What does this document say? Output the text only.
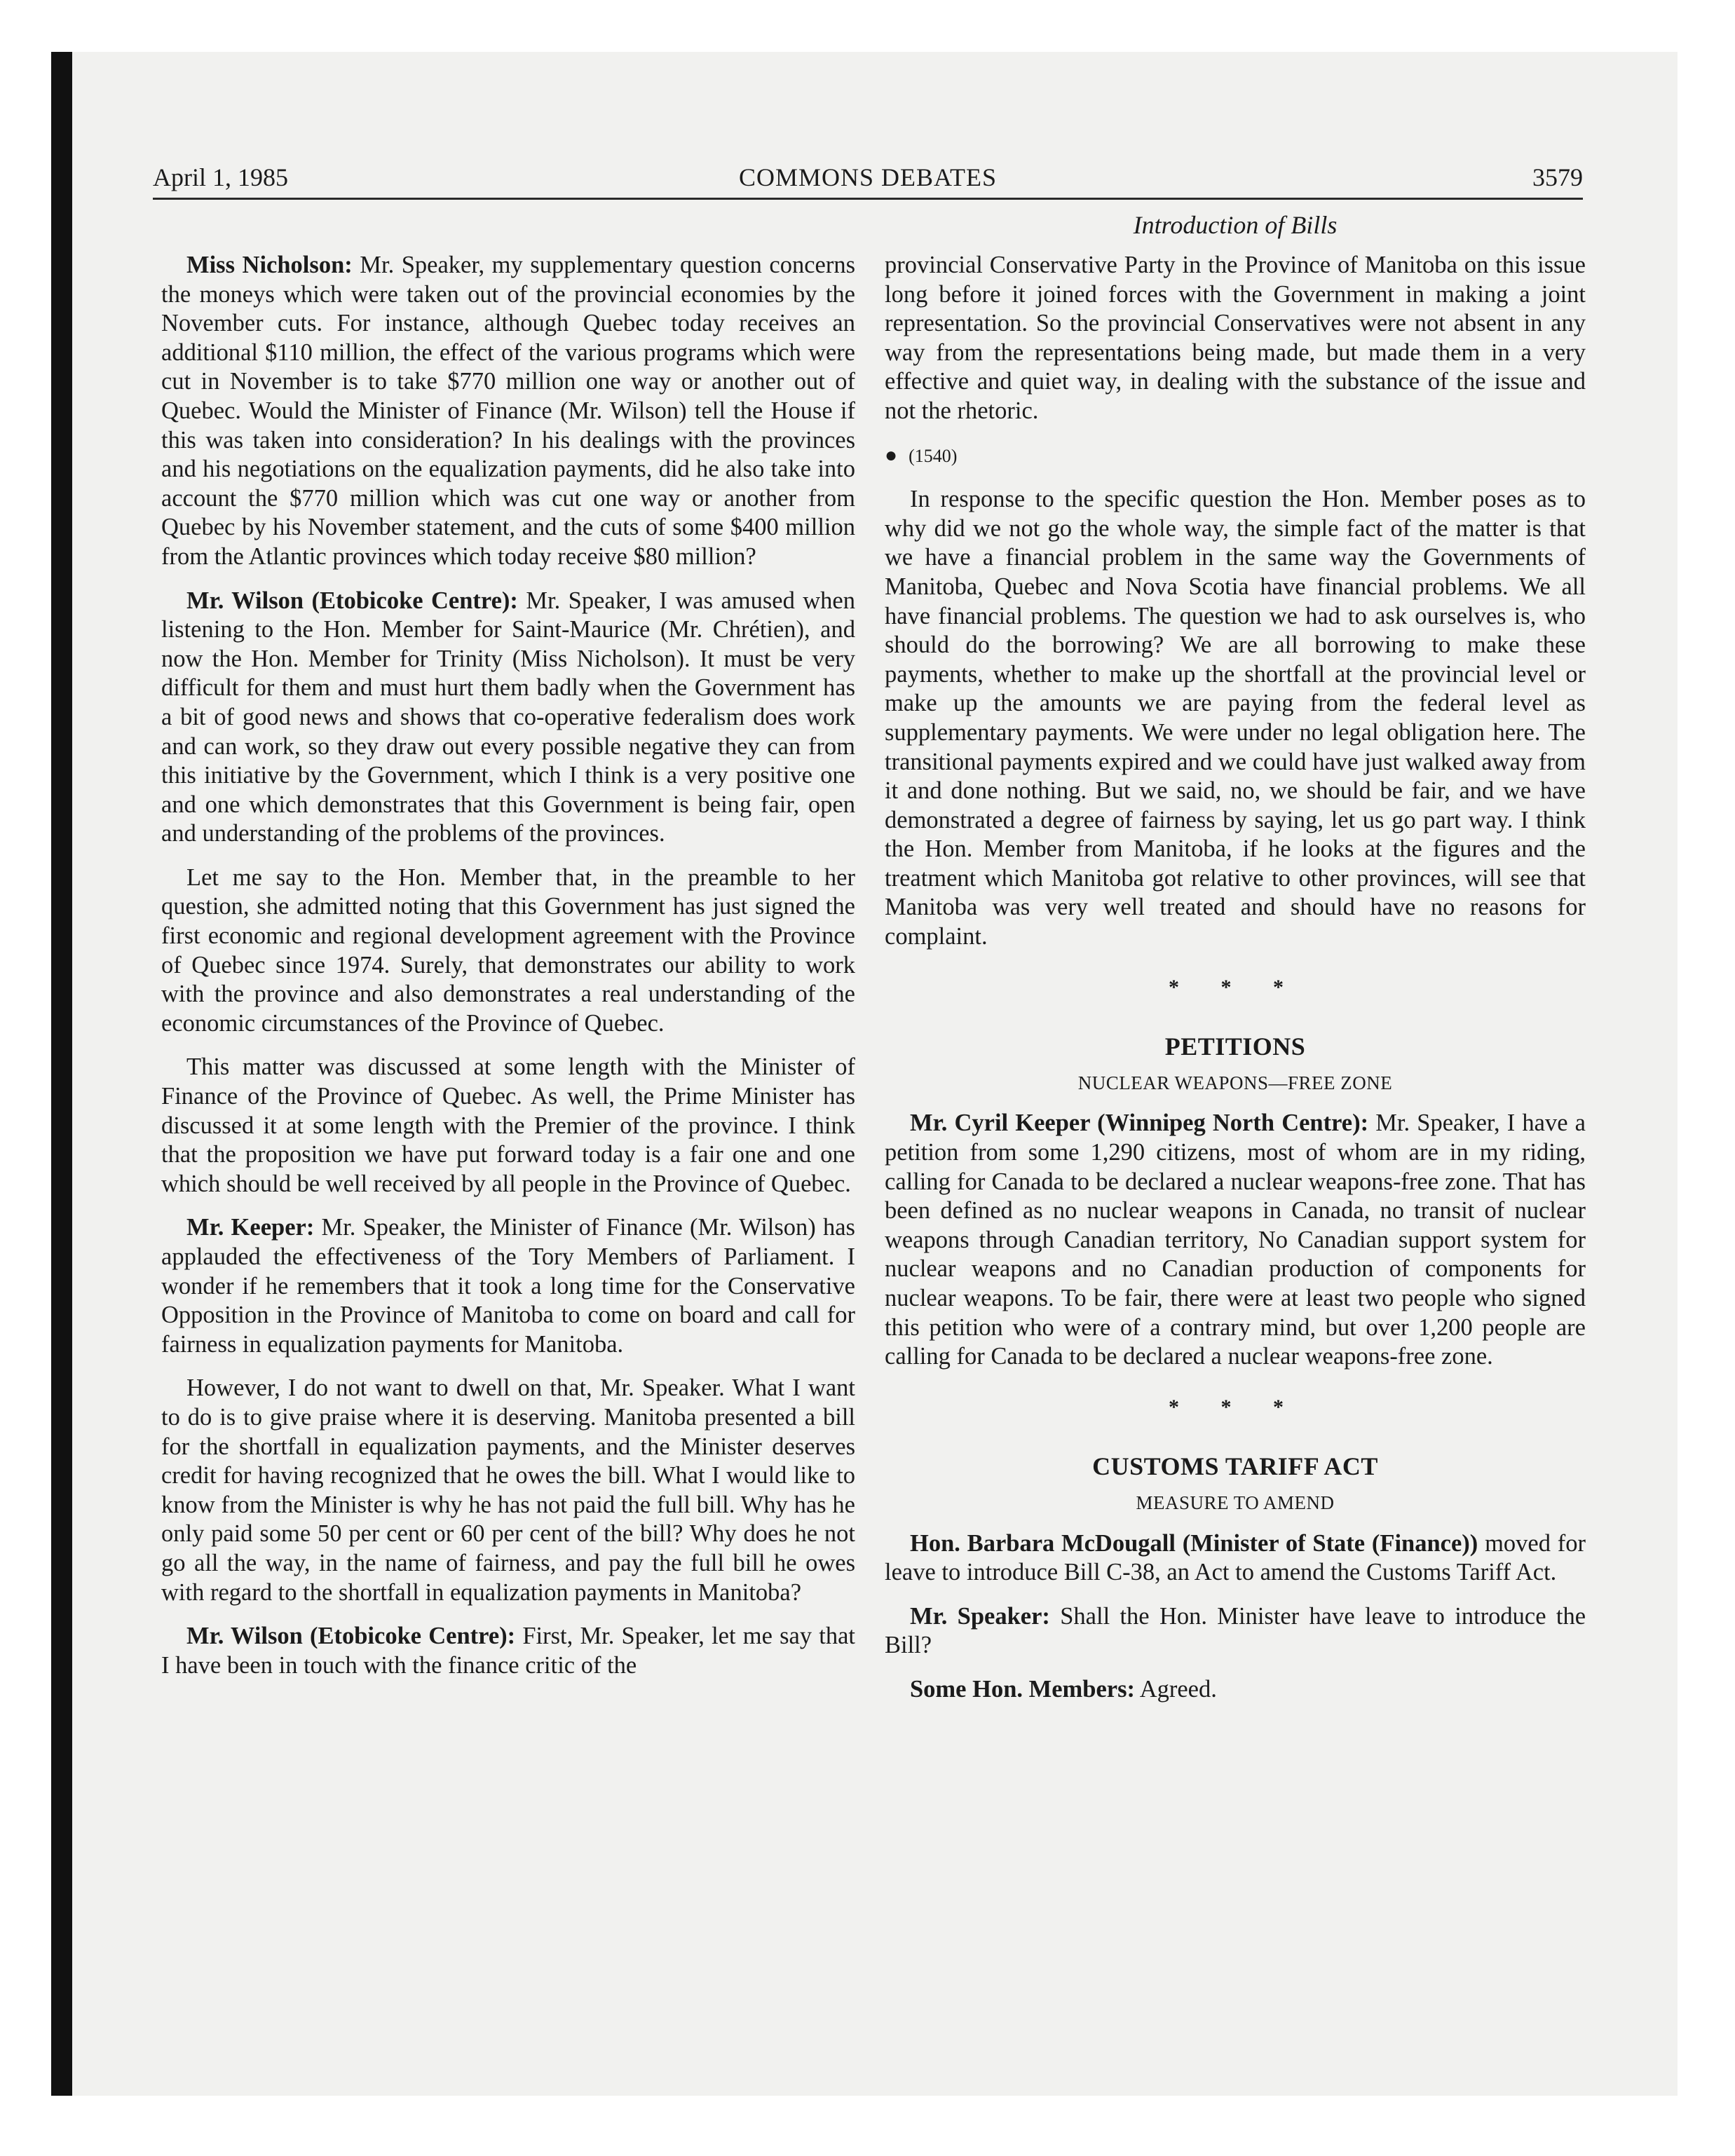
COMMONS DEBATES
April 1, 1985	3579
Introduction of Bills

Miss Nicholson: Mr. Speaker, my supplementary question concerns the moneys which were taken out of the provincial economies by the November cuts. For instance, although Quebec today receives an additional $110 million, the effect of the various programs which were cut in November is to take $770 million one way or another out of Quebec. Would the Minister of Finance (Mr. Wilson) tell the House if this was taken into consideration? In his dealings with the provinces and his negotiations on the equalization payments, did he also take into account the $770 million which was cut one way or another from Quebec by his November statement, and the cuts of some $400 million from the Atlantic provinces which today receive $80 million?

Mr. Wilson (Etobicoke Centre): Mr. Speaker, I was amused when listening to the Hon. Member for Saint-Maurice (Mr. Chrétien), and now the Hon. Member for Trinity (Miss Nicholson). It must be very difficult for them and must hurt them badly when the Government has a bit of good news and shows that co-operative federalism does work and can work, so they draw out every possible negative they can from this initiative by the Government, which I think is a very positive one and one which demonstrates that this Government is being fair, open and understanding of the problems of the provinces.

Let me say to the Hon. Member that, in the preamble to her question, she admitted noting that this Government has just signed the first economic and regional development agreement with the Province of Quebec since 1974. Surely, that demonstrates our ability to work with the province and also demonstrates a real understanding of the economic circumstances of the Province of Quebec.

This matter was discussed at some length with the Minister of Finance of the Province of Quebec. As well, the Prime Minister has discussed it at some length with the Premier of the province. I think that the proposition we have put forward today is a fair one and one which should be well received by all people in the Province of Quebec.

Mr. Keeper: Mr. Speaker, the Minister of Finance (Mr. Wilson) has applauded the effectiveness of the Tory Members of Parliament. I wonder if he remembers that it took a long time for the Conservative Opposition in the Province of Manitoba to come on board and call for fairness in equalization payments for Manitoba.

However, I do not want to dwell on that, Mr. Speaker. What I want to do is to give praise where it is deserving. Manitoba presented a bill for the shortfall in equalization payments, and the Minister deserves credit for having recognized that he owes the bill. What I would like to know from the Minister is why he has not paid the full bill. Why has he only paid some 50 per cent or 60 per cent of the bill? Why does he not go all the way, in the name of fairness, and pay the full bill he owes with regard to the shortfall in equalization payments in Manitoba?

Mr. Wilson (Etobicoke Centre): First, Mr. Speaker, let me say that I have been in touch with the finance critic of the

provincial Conservative Party in the Province of Manitoba on this issue long before it joined forces with the Government in making a joint representation. So the provincial Conservatives were not absent in any way from the representations being made, but made them in a very effective and quiet way, in dealing with the substance of the issue and not the rhetoric.

● (1540)

In response to the specific question the Hon. Member poses as to why did we not go the whole way, the simple fact of the matter is that we have a financial problem in the same way the Governments of Manitoba, Quebec and Nova Scotia have financial problems. We all have financial problems. The question we had to ask ourselves is, who should do the borrowing? We are all borrowing to make these payments, whether to make up the shortfall at the provincial level or make up the amounts we are paying from the federal level as supplementary payments. We were under no legal obligation here. The transitional payments expired and we could have just walked away from it and done nothing. But we said, no, we should be fair, and we have demonstrated a degree of fairness by saying, let us go part way. I think the Hon. Member from Manitoba, if he looks at the figures and the treatment which Manitoba got relative to other provinces, will see that Manitoba was very well treated and should have no reasons for complaint.

* * *
PETITIONS
NUCLEAR WEAPONS—FREE ZONE

Mr. Cyril Keeper (Winnipeg North Centre): Mr. Speaker, I have a petition from some 1,290 citizens, most of whom are in my riding, calling for Canada to be declared a nuclear weapons-free zone. That has been defined as no nuclear weapons in Canada, no transit of nuclear weapons through Canadian territory, No Canadian support system for nuclear weapons and no Canadian production of components for nuclear weapons. To be fair, there were at least two people who signed this petition who were of a contrary mind, but over 1,200 people are calling for Canada to be declared a nuclear weapons-free zone.

* * *
CUSTOMS TARIFF ACT
MEASURE TO AMEND

Hon. Barbara McDougall (Minister of State (Finance)) moved for leave to introduce Bill C-38, an Act to amend the Customs Tariff Act.

Mr. Speaker: Shall the Hon. Minister have leave to introduce the Bill?

Some Hon. Members: Agreed.
